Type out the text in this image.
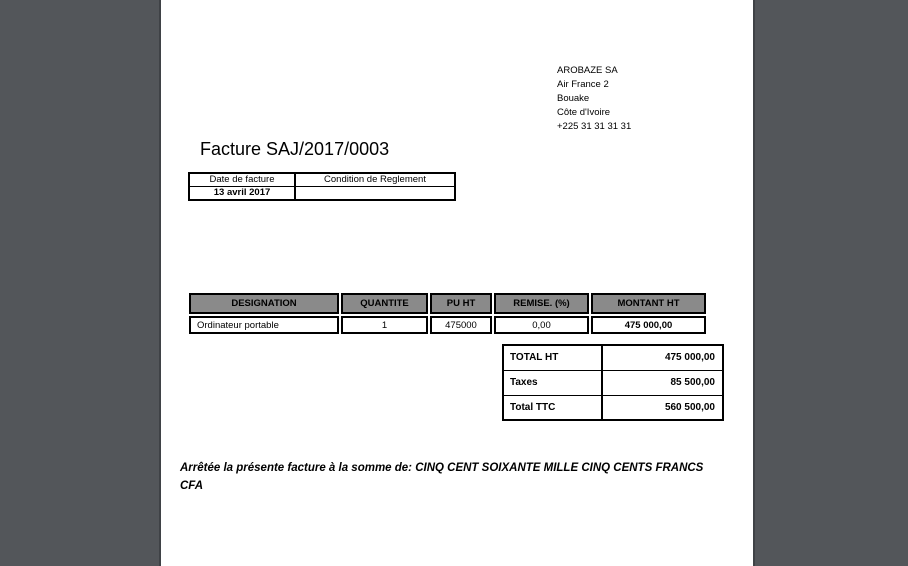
AROBAZE SA
Air France 2
Bouake
Côte d'Ivoire
+225 31 31 31 31
Facture SAJ/2017/0003
Date de facture	Condition de Reglement
13 avril 2017	
DESIGNATION	QUANTITE	PU HT	REMISE. (%)	MONTANT HT
Ordinateur portable	1	475000	0,00	475 000,00
TOTAL HT	475 000,00
Taxes	85 500,00
Total TTC	560 500,00

Arrêtée la présente facture à la somme de: CINQ CENT SOIXANTE MILLE CINQ CENTS FRANCS CFA
